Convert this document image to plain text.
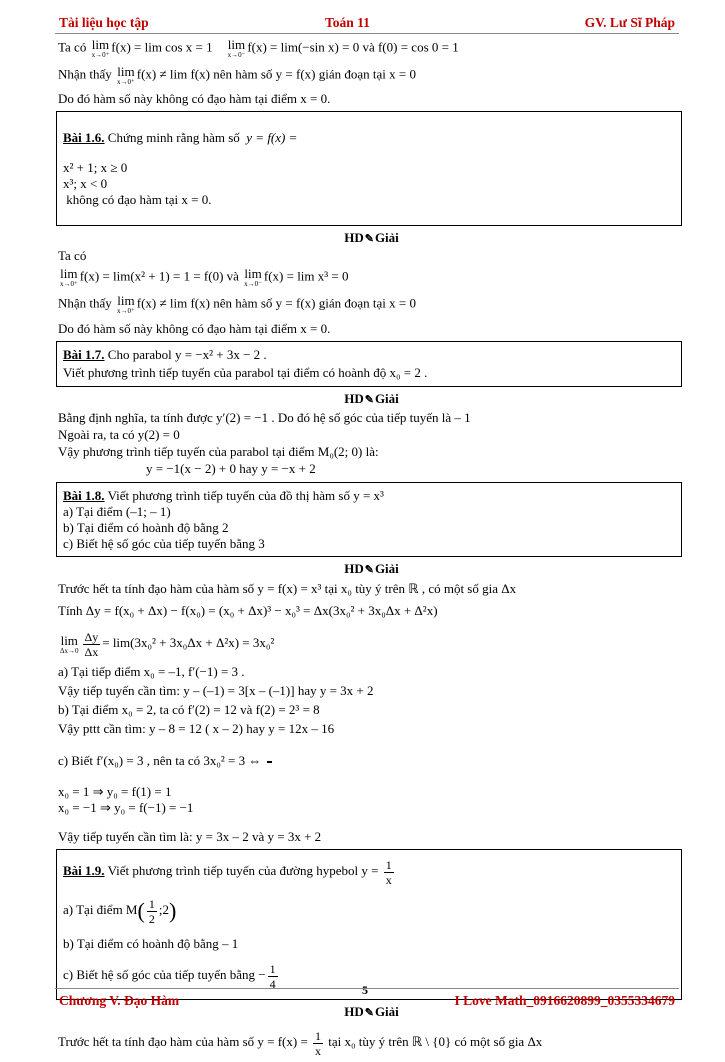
Tài liệu học tập	Toán 11	GV. Lư Sĩ Pháp

Ta có lim
x→0⁺
f(x) = lim cos x = 1 lim
x→0⁻
f(x) = lim(−sin x) = 0 và f(0) = cos 0 = 1

Nhận thấy lim
x→0⁺
f(x) ≠ lim f(x) nên hàm số y = f(x) gián đoạn tại x = 0

Do đó hàm số này không có đạo hàm tại điểm x = 0.

Bài 1.6. Chứng minh rằng hàm số y = f(x) =

x² + 1; x ≥ 0
x³; x < 0
không có đạo hàm tại x = 0.

HD✎Giải

Ta có

lim
x→0⁺
f(x) = lim(x² + 1) = 1 = f(0) và lim
x→0⁻
f(x) = lim x³ = 0

Nhận thấy lim
x→0⁺
f(x) ≠ lim f(x) nên hàm số y = f(x) gián đoạn tại x = 0

Do đó hàm số này không có đạo hàm tại điểm x = 0.

Bài 1.7. Cho parabol y = −x² + 3x − 2 .

Viết phương trình tiếp tuyến của parabol tại điểm có hoành độ x₀ = 2 .

HD✎Giải

Bằng định nghĩa, ta tính được y′(2) = −1 . Do đó hệ số góc của tiếp tuyến là – 1

Ngoài ra, ta có y(2) = 0

Vậy phương trình tiếp tuyến của parabol tại điểm M₀(2; 0) là:

y = −1(x − 2) + 0 hay y = −x + 2

Bài 1.8. Viết phương trình tiếp tuyến của đồ thị hàm số y = x³

a) Tại điểm (–1; – 1)

b) Tại điểm có hoành độ bằng 2

c) Biết hệ số góc của tiếp tuyến bằng 3

HD✎Giải

Trước hết ta tính đạo hàm của hàm số y = f(x) = x³ tại x₀ tùy ý trên ℝ , có một số gia Δx

Tính Δy = f(x₀ + Δx) − f(x₀) = (x₀ + Δx)³ − x₀³ = Δx(3x₀² + 3x₀Δx + Δ²x)

lim
$\Delta x\to 0 \frac{\Delta y}{\Delta x} = \lim(3x_0^2 + 3x_0\Delta x + \Delta^2x) = 3x_0^2$

a) Tại tiếp điểm x₀ = –1, f′(−1) = 3 .

Vậy tiếp tuyến cần tìm: y – (–1) = 3[x – (–1)] hay y = 3x + 2

b) Tại điểm x₀ = 2, ta có f′(2) = 12 và f(2) = 2³ = 8

Vậy pttt cần tìm: y – 8 = 12 ( x – 2) hay y = 12x – 16

c) Biết f′(x₀) = 3 , nên ta có 3x₀² = 3 ⇔

x₀ = 1 ⇒ y₀ = f(1) = 1
x₀ = −1 ⇒ y₀ = f(−1) = −1

Vậy tiếp tuyến cần tìm là: y = 3x – 2 và y = 3x + 2

Bài 1.9. Viết phương trình tiếp tuyến của đường hypebol $y = \frac{1}{x}$

a) Tại điểm $M( \frac{1}{2}$ ;2)

b) Tại điểm có hoành độ bằng – 1

c) Biết hệ số góc của tiếp tuyến bằng − $\frac{1}{4}$

HD✎Giải

Trước hết ta tính đạo hàm của hàm số $y = f(x) = \frac{1}{x}$ tại x₀ tùy ý trên ℝ \ {0} có một số gia Δx

5
Chương V. Đạo Hàm	I Love Math_0916620899_0355334679
